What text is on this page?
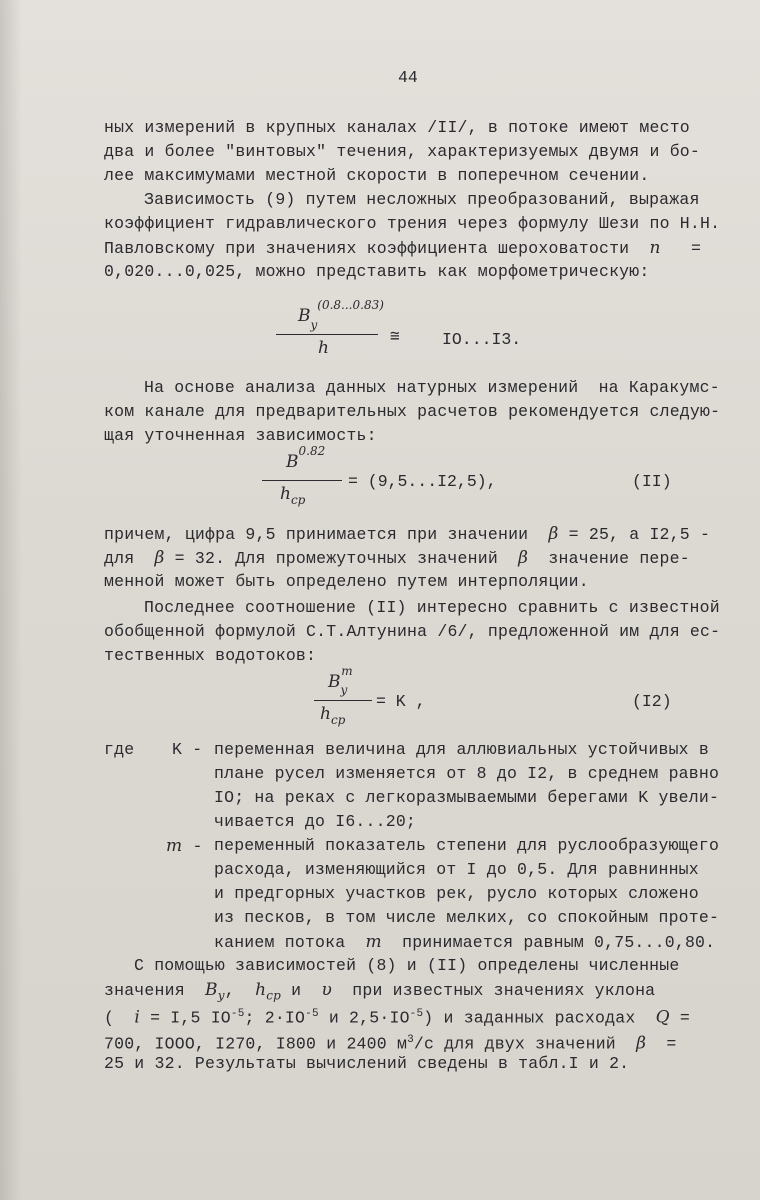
44
ных измерений в крупных каналах /II/, в потоке имеют место
два и более "винтовых" течения, характеризуемых двумя и бо-
лее максимумами местной скорости в поперечном сечении.
Зависимость (9) путем несложных преобразований, выражая
коэффициент гидравлического трения через формулу Шези по Н.Н.
Павловскому при значениях коэффициента шероховатости n =
0,020...0,025, можно представить как морфометрическую:
$B_y^{(0.8...0.83)}$
h
≅	IO...I3.
На основе анализа данных натурных измерений  на Каракумс-
ком канале для предварительных расчетов рекомендуется следую-
щая уточненная зависимость:
$B^{0.82}$
$h_{cp}$
= (9,5...I2,5),	(II)
причем, цифра 9,5 принимается при значении β = 25, а I2,5 -
для β = 32. Для промежуточных значений β значение пере-
менной может быть определено путем интерполяции.
Последнее соотношение (II) интересно сравнить с известной
обобщенной формулой С.Т.Алтунина /6/, предложенной им для ес-
тественных водотоков:
$B_y^m$
$h_{cp}$
= K ,	(I2)
где K - переменная величина для аллювиальных устойчивых в
плане русел изменяется от 8 до I2, в среднем равно
IO; на реках с легкоразмываемыми берегами K увели-
чивается до I6...20;
m - переменный показатель степени для руслообразующего
расхода, изменяющийся от I до 0,5. Для равнинных
и предгорных участков рек, русло которых сложено
из песков, в том числе мелких, со спокойным проте-
канием потока m принимается равным 0,75...0,80.
С помощью зависимостей (8) и (II) определены численные
значения $B_y$, $h_{cp}$ и υ при известных значениях уклона
( i = I,5 $IO^{-5}$; $2\cdot IO^{-5}$ и $2,5\cdot IO^{-5}$) и заданных расходах Q =
700, IOOO, I270, I800 и 2400 $м^3/с$ для двух значений β =
25 и 32. Результаты вычислений сведены в табл.I и 2.
